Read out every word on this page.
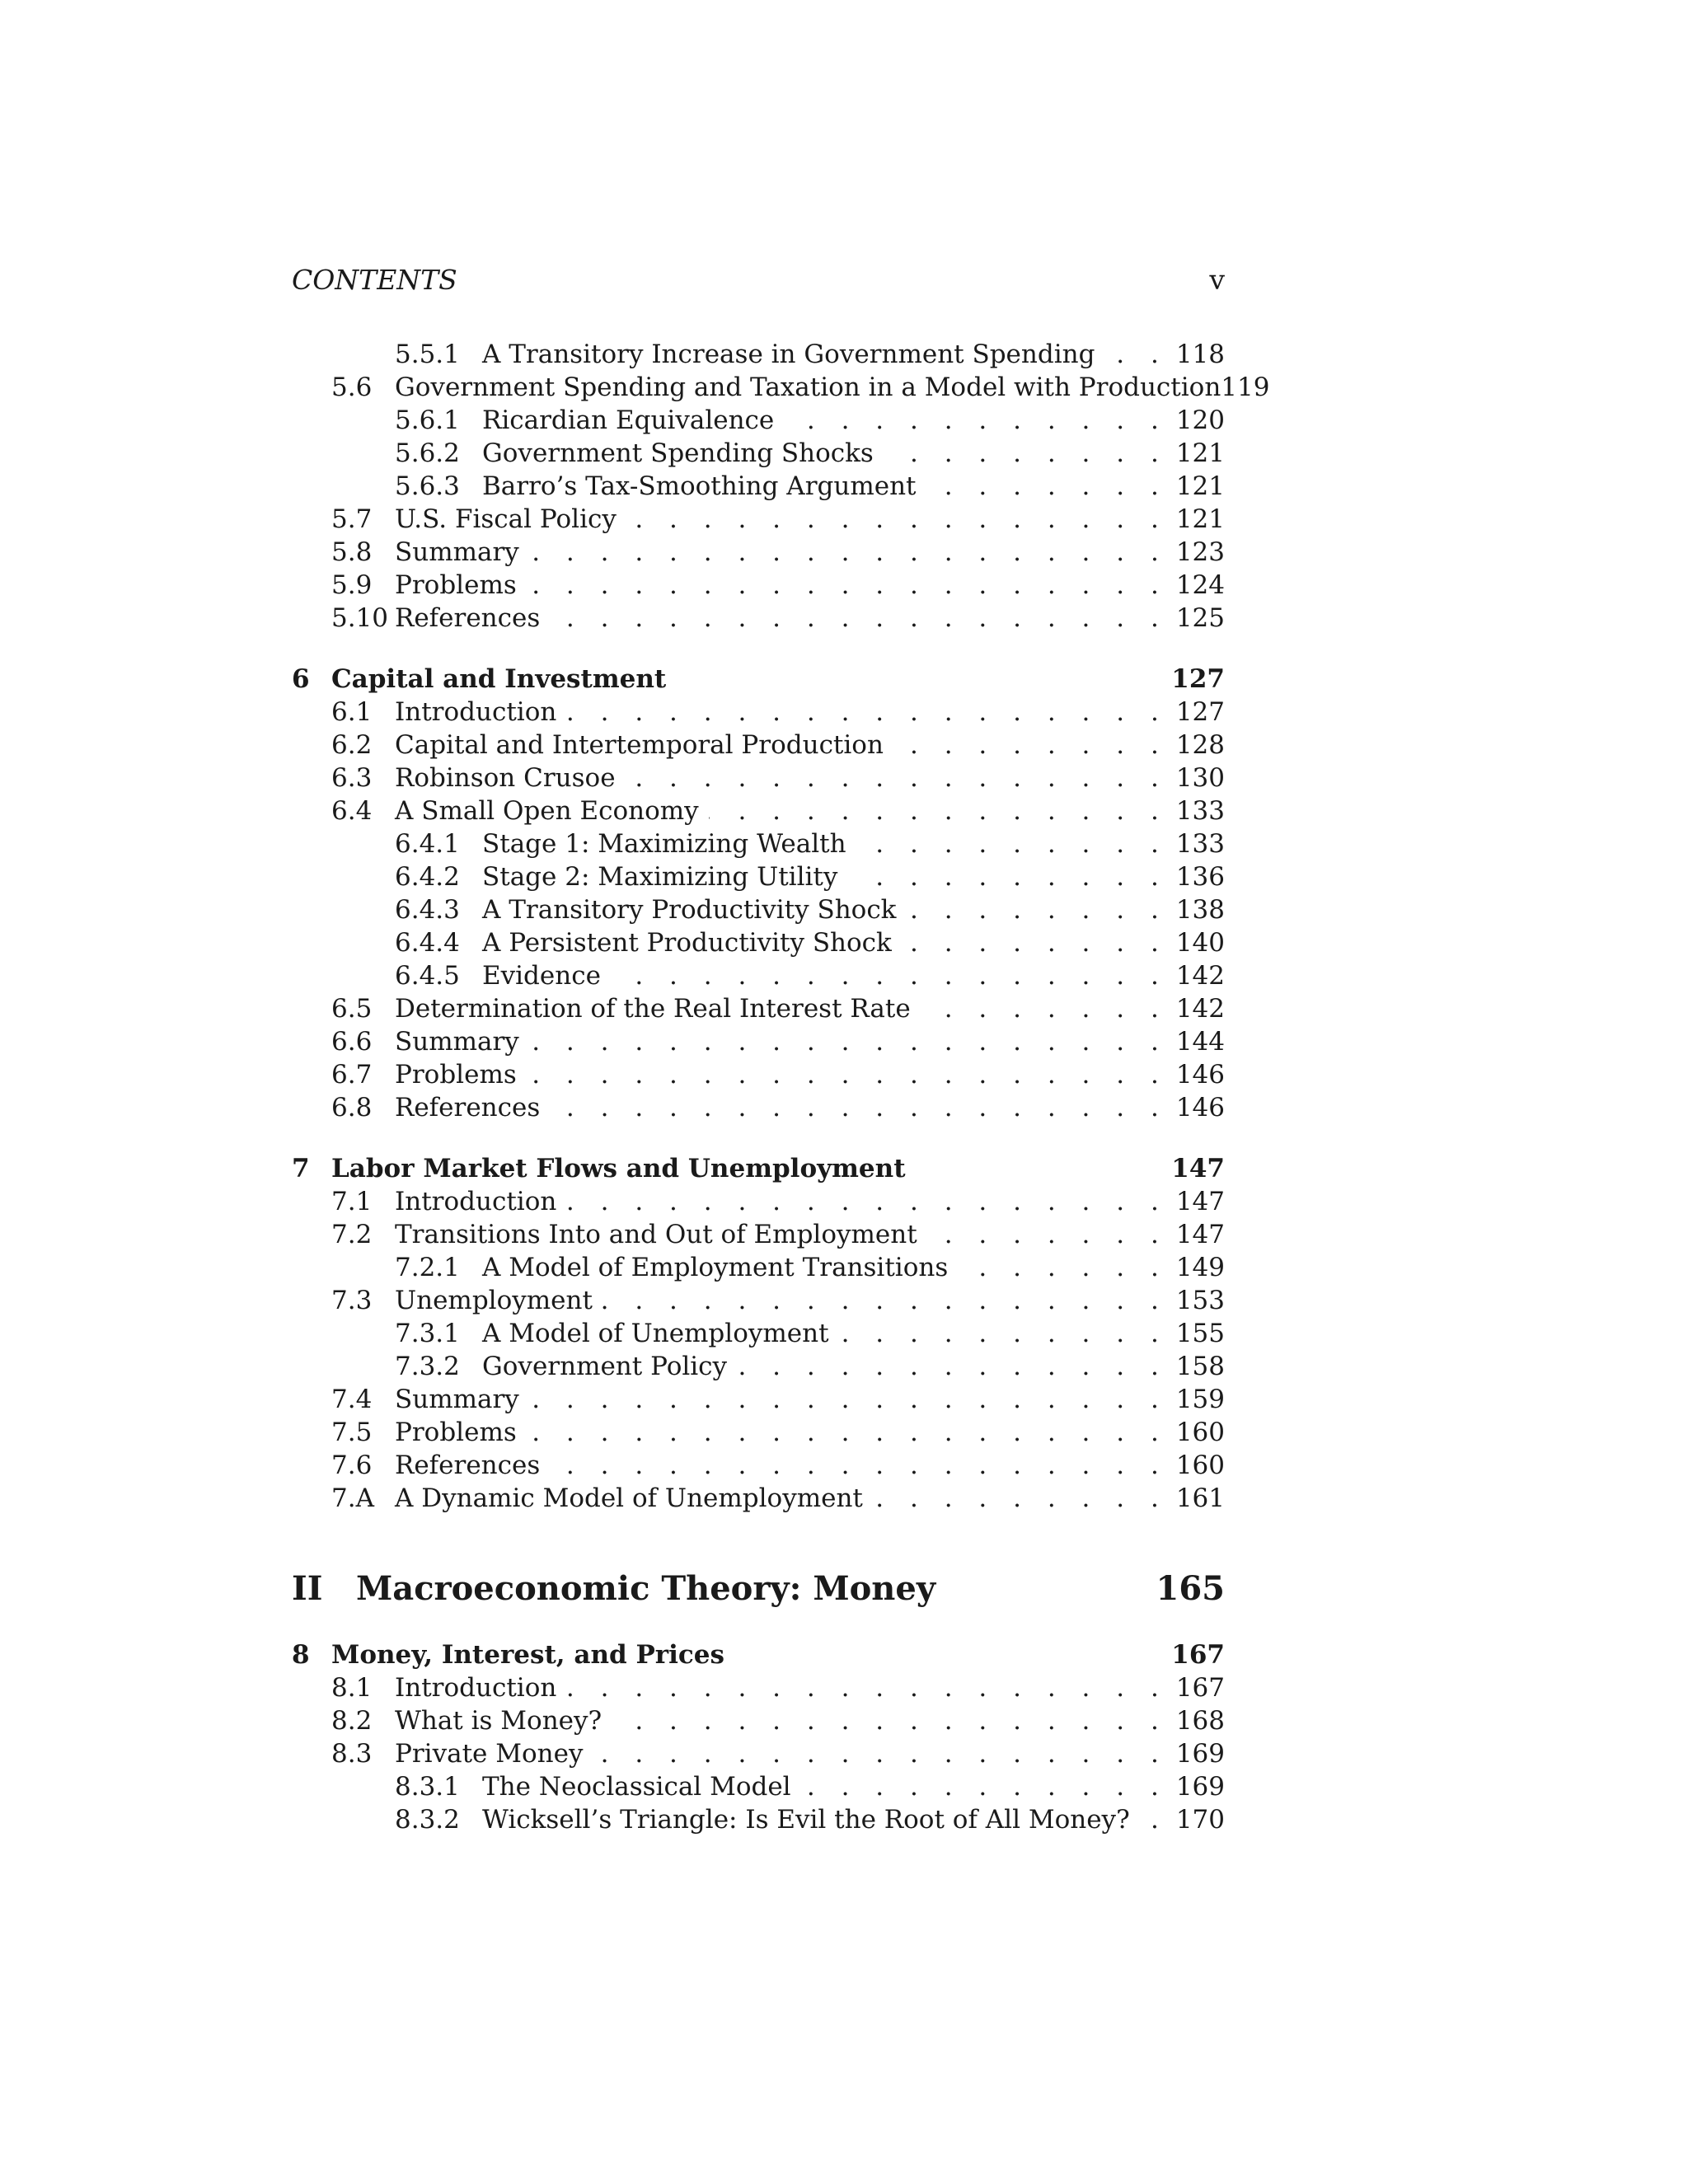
CONTENTS	v
5.5.1 A Transitory Increase in Government Spending . . .	118
5.6 Government Spending and Taxation in a Model with Production 119
5.6.1 Ricardian Equivalence . . .	120
5.6.2 Government Spending Shocks . . .	121
5.6.3 Barro’s Tax-Smoothing Argument . . .	121
5.7 U.S. Fiscal Policy . . .	121
5.8 Summary . . .	123
5.9 Problems . . .	124
5.10 References . . .	125
6 Capital and Investment	127
6.1 Introduction . . .	127
6.2 Capital and Intertemporal Production . . .	128
6.3 Robinson Crusoe . . .	130
6.4 A Small Open Economy . . .	133
6.4.1 Stage 1: Maximizing Wealth . . .	133
6.4.2 Stage 2: Maximizing Utility . . .	136
6.4.3 A Transitory Productivity Shock . . .	138
6.4.4 A Persistent Productivity Shock . . .	140
6.4.5 Evidence . . .	142
6.5 Determination of the Real Interest Rate . . .	142
6.6 Summary . . .	144
6.7 Problems . . .	146
6.8 References . . .	146
7 Labor Market Flows and Unemployment	147
7.1 Introduction . . .	147
7.2 Transitions Into and Out of Employment . . .	147
7.2.1 A Model of Employment Transitions . . .	149
7.3 Unemployment . . .	153
7.3.1 A Model of Unemployment . . .	155
7.3.2 Government Policy . . .	158
7.4 Summary . . .	159
7.5 Problems . . .	160
7.6 References . . .	160
7.A A Dynamic Model of Unemployment . . .	161
II	Macroeconomic Theory: Money	165
8 Money, Interest, and Prices	167
8.1 Introduction . . .	167
8.2 What is Money? . . .	168
8.3 Private Money . . .	169
8.3.1 The Neoclassical Model . . .	169
8.3.2 Wicksell’s Triangle: Is Evil the Root of All Money? . . . 170
